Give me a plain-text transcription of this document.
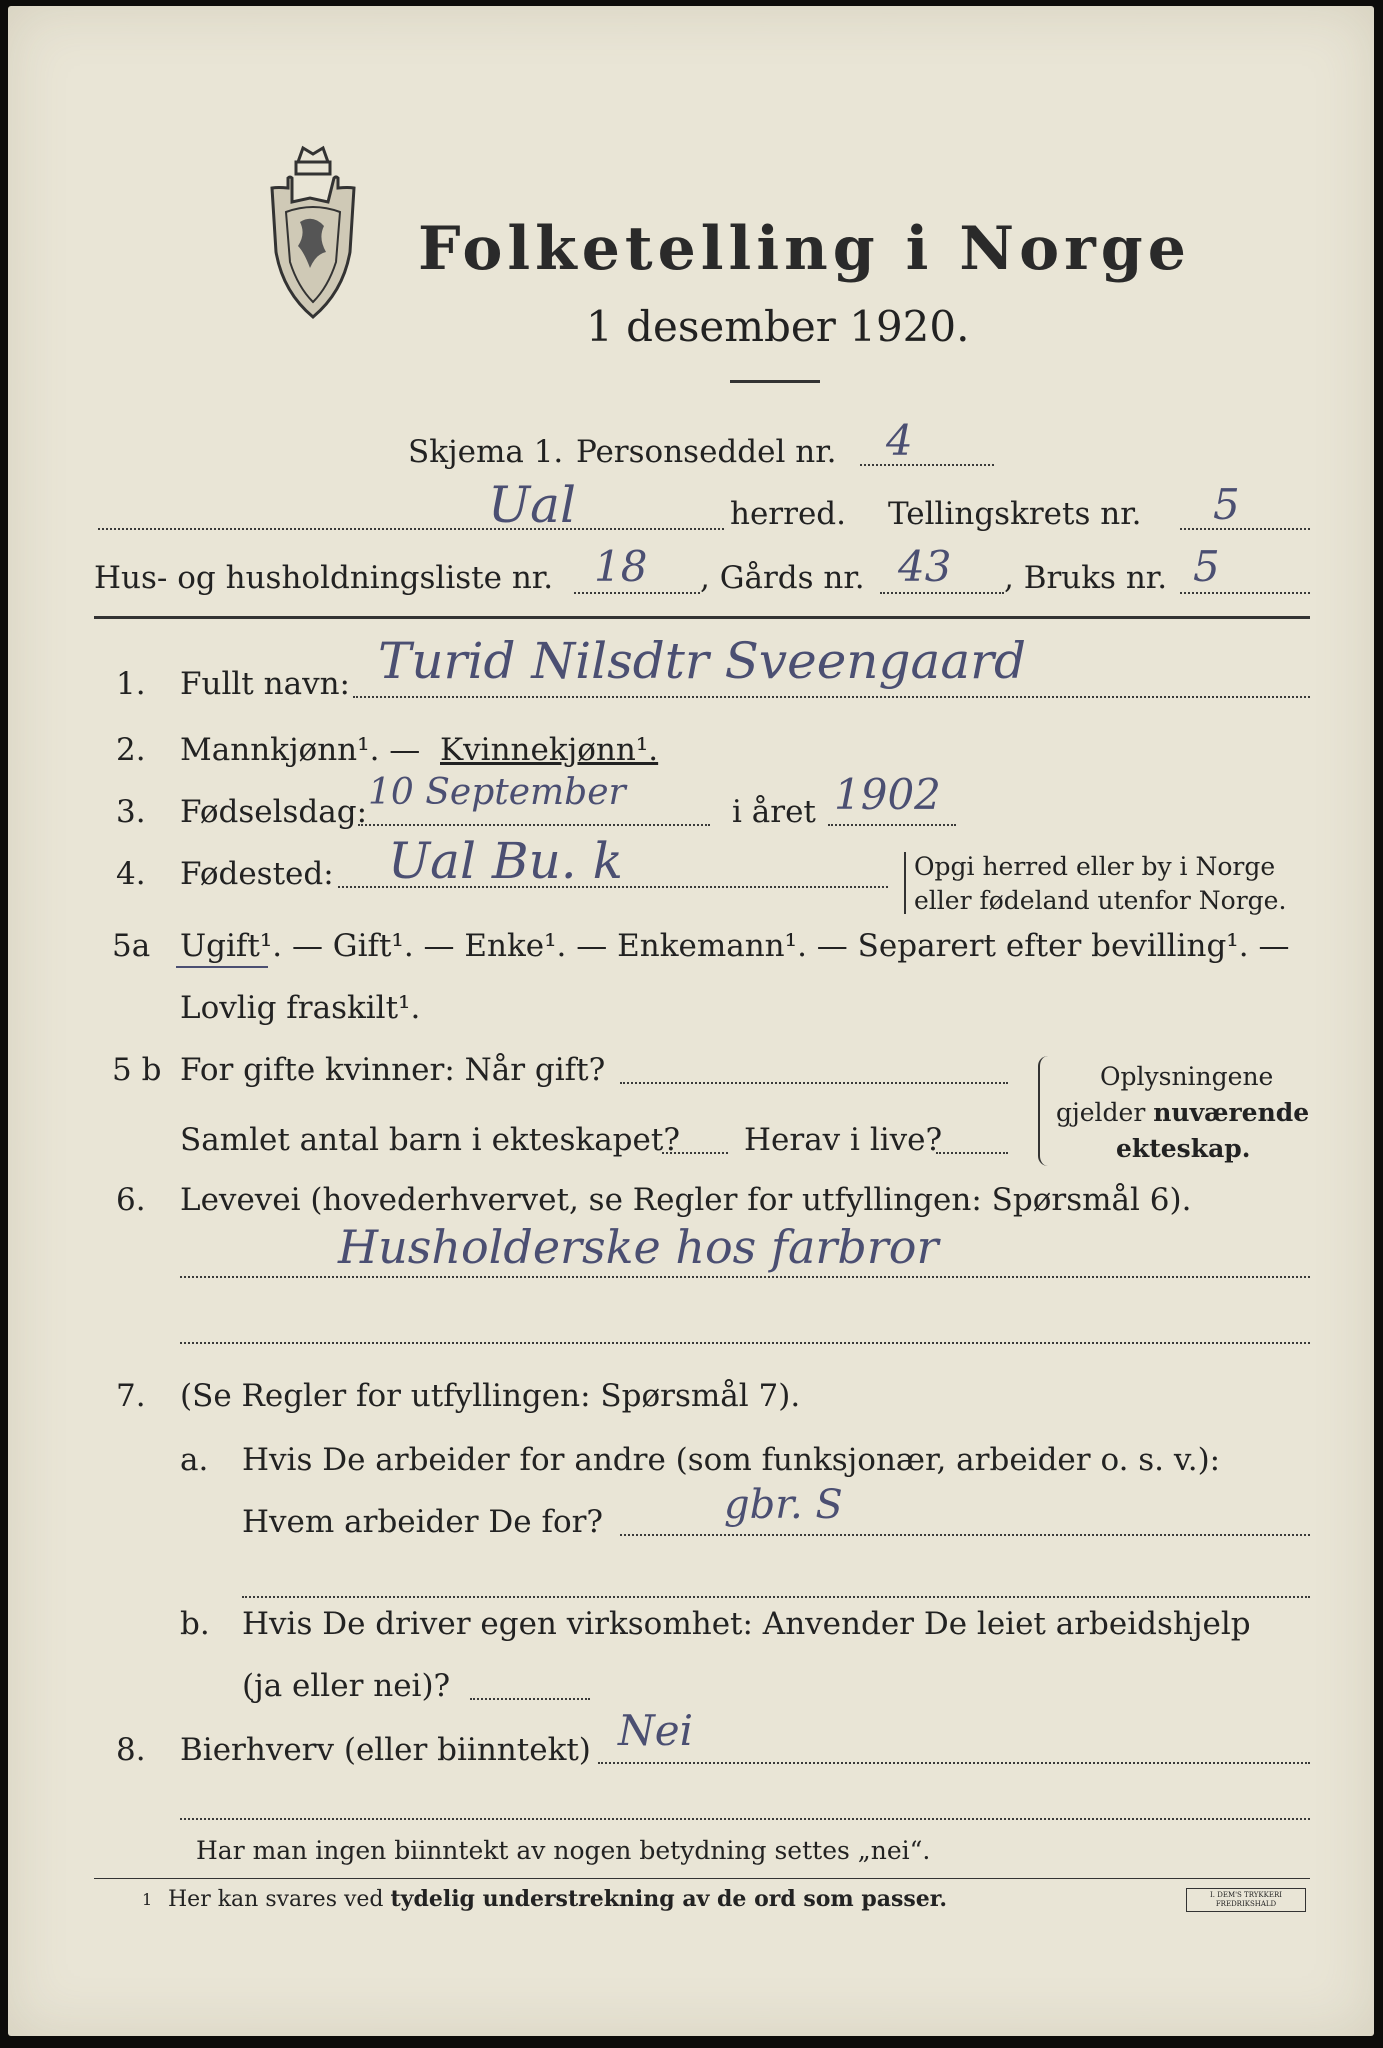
Folketelling i Norge
1 desember 1920.
Skjema 1. Personseddel nr. 4
Ual	herred. Tellingskrets nr. 5
Hus- og husholdningsliste nr. 18 , Gårds nr. 43 , Bruks nr. 5
1. Fullt navn: Turid Nilsdtr Sveengaard
2. Mannkjønn¹. — Kvinnekjønn¹.
3. Fødselsdag: 10 September	i året 1902
4. Fødested: Ual Bu. k	Opgi herred eller by i Norge
eller fødeland utenfor Norge.
5a Ugift¹. — Gift¹. — Enke¹. — Enkemann¹. — Separert efter bevilling¹. —
Lovlig fraskilt¹.
5 b For gifte kvinner: Når gift?
Samlet antal barn i ekteskapet? Herav i live?
Oplysningene
gjelder nuværende
ekteskap.
6. Levevei (hovederhvervet, se Regler for utfyllingen: Spørsmål 6).
Husholderske hos farbror
7. (Se Regler for utfyllingen: Spørsmål 7).
a. Hvis De arbeider for andre (som funksjonær, arbeider o. s. v.):
Hvem arbeider De for?	gbr. S
b. Hvis De driver egen virksomhet: Anvender De leiet arbeidshjelp
(ja eller nei)?
8. Bierhverv (eller biinntekt) Nei
Har man ingen biinntekt av nogen betydning settes „nei“.
1 Her kan svares ved tydelig understrekning av de ord som passer.	I. DEM'S TRYKKERI FREDRIKSHALD
